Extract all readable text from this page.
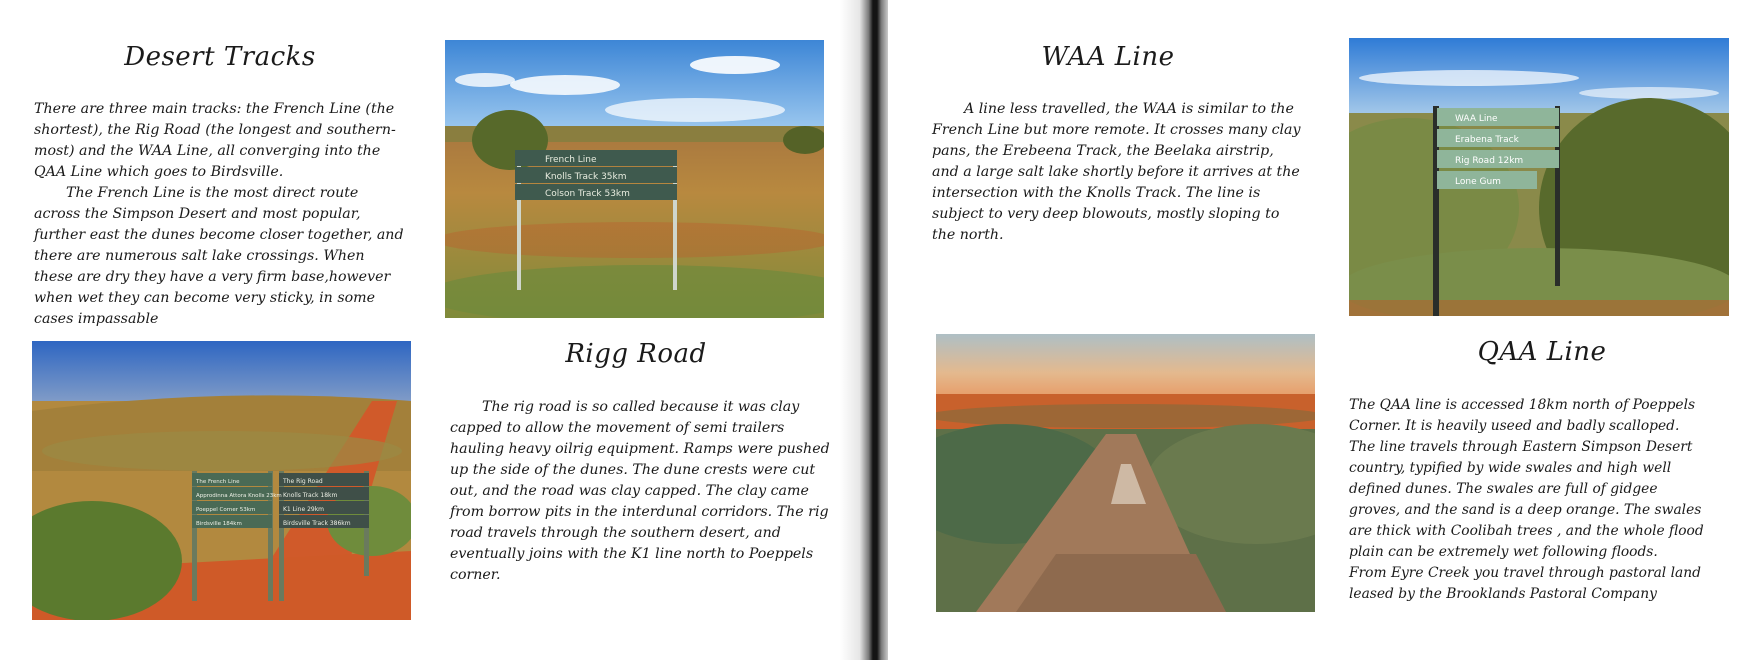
Desert Tracks

There are three main tracks: the French Line (the shortest), the Rig Road (the longest and southern-most) and the WAA Line, all converging into the QAA Line which goes to Birdsville.

The French Line is the most direct route across the Simpson Desert and most popular, further east the dunes become closer together, and there are numerous salt lake crossings. When these are dry they have a very firm base,however when wet they can become very sticky, in some cases impassable

French Line
Knolls Track 35km
Colson Track 53km
The French Line
Approdinna Attora Knolls 23km
Poeppel Corner 53km
Birdsville 184km
The Rig Road
Knolls Track 18km
K1 Line 29km
Birdsville Track 386km
Rigg Road

The rig road is so called because it was clay capped to allow the movement of semi trailers hauling heavy oilrig equipment. Ramps were pushed up the side of the dunes. The dune crests were cut out, and the road was clay capped. The clay came from borrow pits in the interdunal corridors. The rig road travels through the southern desert, and eventually joins with the K1 line north to Poeppels corner.

WAA Line

A line less travelled, the WAA is similar to the French Line but more remote. It crosses many clay pans, the Erebeena Track, the Beelaka airstrip, and a large salt lake shortly before it arrives at the intersection with the Knolls Track. The line is subject to very deep blowouts, mostly sloping to the north.

WAA Line
Erabena Track
Rig Road 12km
Lone Gum
QAA Line

The QAA line is accessed 18km north of Poeppels

Corner. It is heavily useed and badly scalloped.

The line travels through Eastern Simpson Desert

country, typified by wide swales and high well

defined dunes. The swales are full of gidgee

groves, and the sand is a deep orange. The swales

are thick with Coolibah trees , and the whole flood

plain can be extremely wet following floods.

From Eyre Creek you travel through pastoral land

leased by the Brooklands Pastoral Company
